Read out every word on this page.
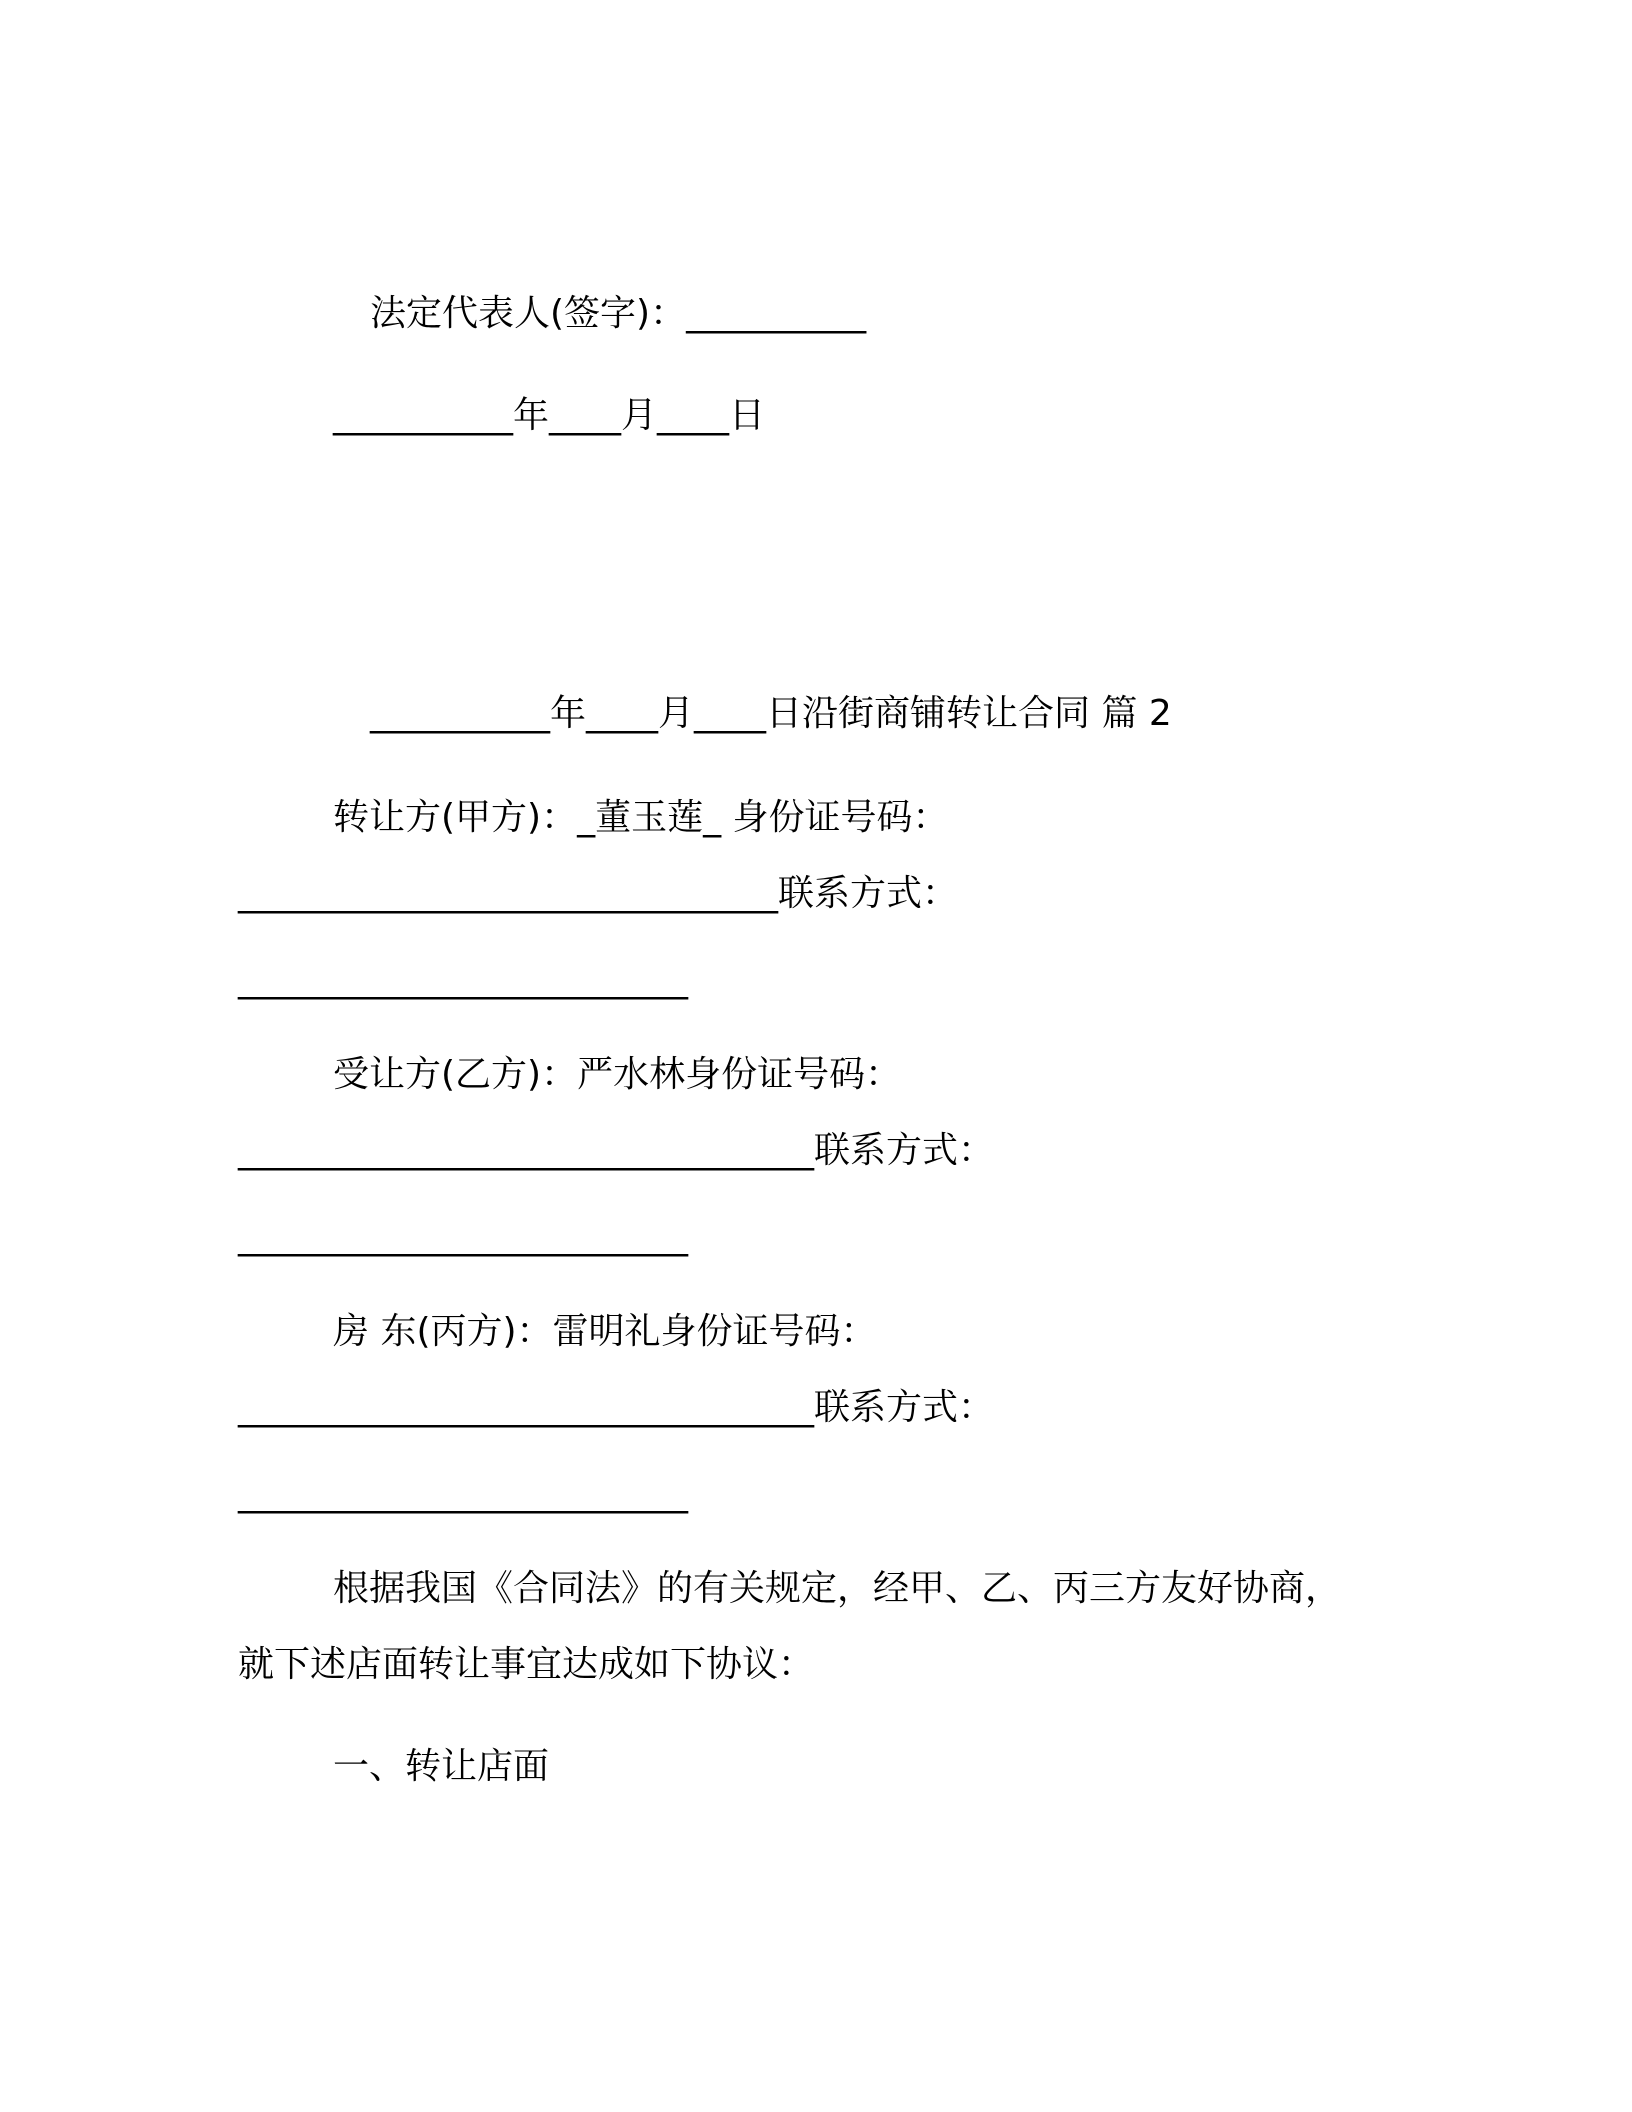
法定代表人(签字)：__________
__________年____月____日
__________年____月____日沿街商铺转让合同 篇 2
转让方(甲方)：_董玉莲_ 身份证号码：
______________________________联系方式：
_________________________
受让方(乙方)：严水林身份证号码：
________________________________联系方式：
_________________________
房 东(丙方)：雷明礼身份证号码：
________________________________联系方式：
_________________________
根据我国《合同法》的有关规定，经甲、乙、丙三方友好协商，
就下述店面转让事宜达成如下协议：
一、转让店面
